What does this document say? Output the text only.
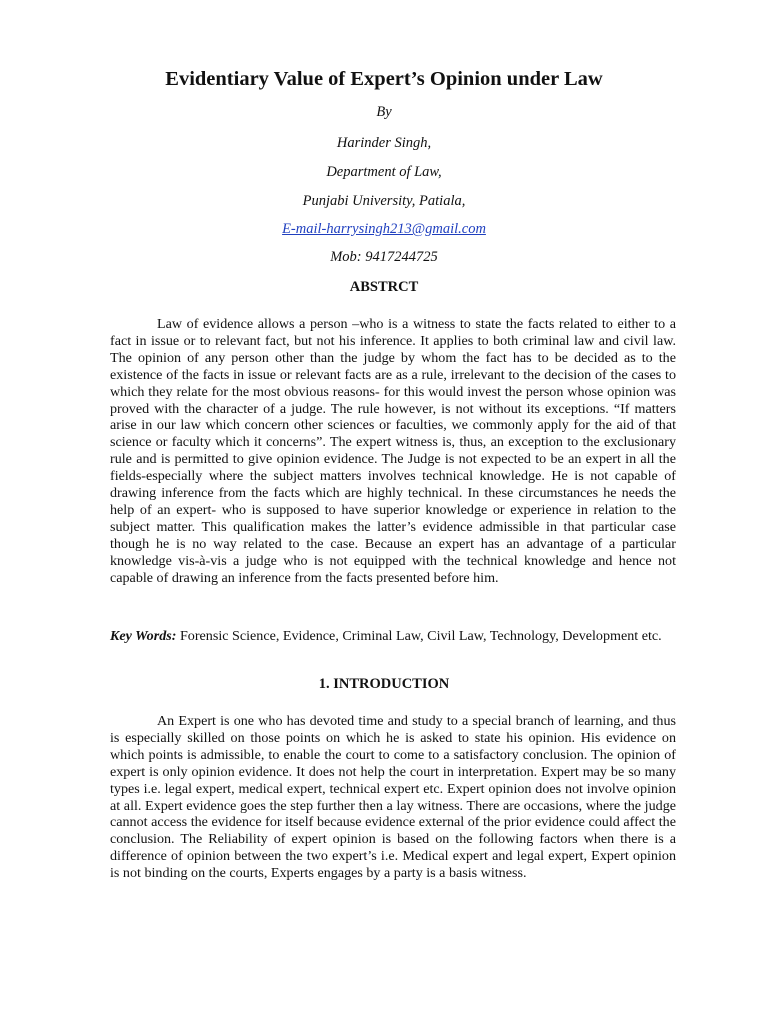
Evidentiary Value of Expert’s Opinion under Law
By
Harinder Singh,
Department of Law,
Punjabi University, Patiala,
E-mail-harrysingh213@gmail.com
Mob: 9417244725
ABSTRCT

Law of evidence allows a person –who is a witness to state the facts related to either to a fact in issue or to relevant fact, but not his inference. It applies to both criminal law and civil law. The opinion of any person other than the judge by whom the fact has to be decided as to the existence of the facts in issue or relevant facts are as a rule, irrelevant to the decision of the cases to which they relate for the most obvious reasons- for this would invest the person whose opinion was proved with the character of a judge. The rule however, is not without its exceptions. “If matters arise in our law which concern other sciences or faculties, we commonly apply for the aid of that science or faculty which it concerns”. The expert witness is, thus, an exception to the exclusionary rule and is permitted to give opinion evidence. The Judge is not expected to be an expert in all the fields-especially where the subject matters involves technical knowledge. He is not capable of drawing inference from the facts which are highly technical. In these circumstances he needs the help of an expert- who is supposed to have superior knowledge or experience in relation to the subject matter. This qualification makes the latter’s evidence admissible in that particular case though he is no way related to the case. Because an expert has an advantage of a particular knowledge vis-à-vis a judge who is not equipped with the technical knowledge and hence not capable of drawing an inference from the facts presented before him.

Key Words: Forensic Science, Evidence, Criminal Law, Civil Law, Technology, Development etc.

1. INTRODUCTION

An Expert is one who has devoted time and study to a special branch of learning, and thus is especially skilled on those points on which he is asked to state his opinion. His evidence on which points is admissible, to enable the court to come to a satisfactory conclusion. The opinion of expert is only opinion evidence. It does not help the court in interpretation. Expert may be so many types i.e. legal expert, medical expert, technical expert etc. Expert opinion does not involve opinion at all. Expert evidence goes the step further then a lay witness. There are occasions, where the judge cannot access the evidence for itself because evidence external of the prior evidence could affect the conclusion. The Reliability of expert opinion is based on the following factors when there is a difference of opinion between the two expert’s i.e. Medical expert and legal expert, Expert opinion is not binding on the courts, Experts engages by a party is a basis witness.
